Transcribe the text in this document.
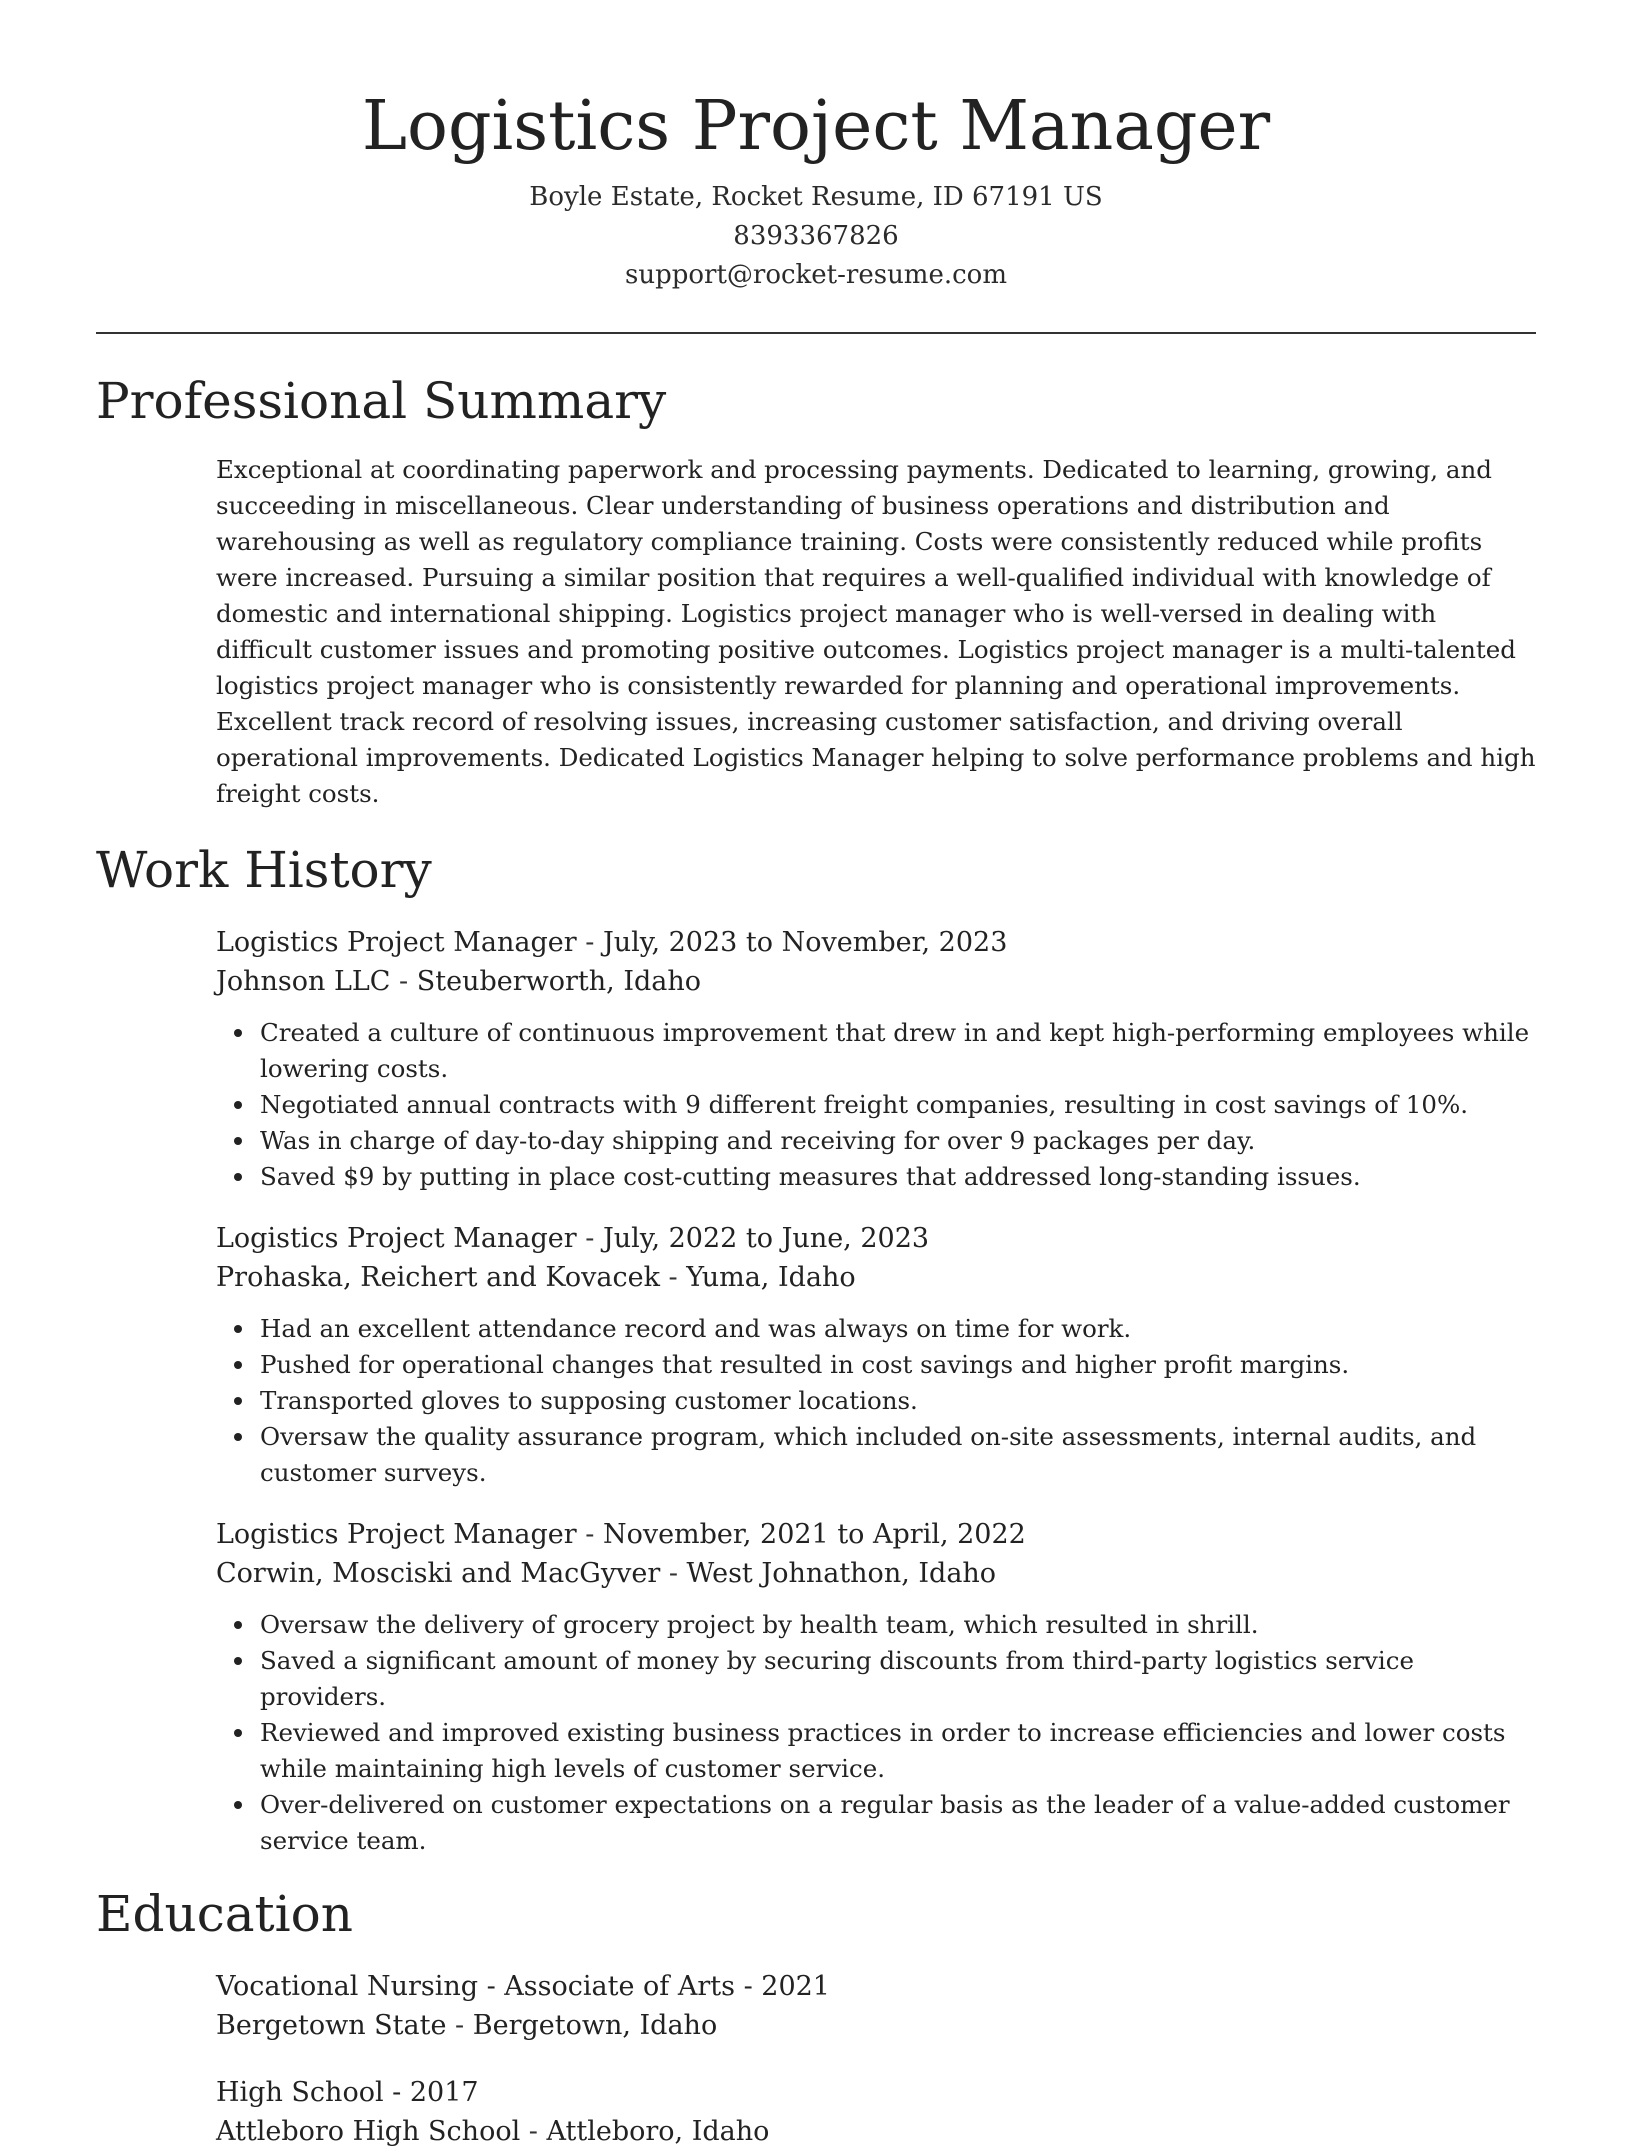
Logistics Project Manager
Boyle Estate, Rocket Resume, ID 67191 US
8393367826
support@rocket-resume.com
Professional Summary
Exceptional at coordinating paperwork and processing payments. Dedicated to learning, growing, and succeeding in miscellaneous. Clear understanding of business operations and distribution and warehousing as well as regulatory compliance training. Costs were consistently reduced while profits were increased. Pursuing a similar position that requires a well-qualified individual with knowledge of domestic and international shipping. Logistics project manager who is well-versed in dealing with difficult customer issues and promoting positive outcomes. Logistics project manager is a multi-talented logistics project manager who is consistently rewarded for planning and operational improvements. Excellent track record of resolving issues, increasing customer satisfaction, and driving overall operational improvements. Dedicated Logistics Manager helping to solve performance problems and high freight costs.
Work History
Logistics Project Manager - July, 2023 to November, 2023
Johnson LLC - Steuberworth, Idaho
Created a culture of continuous improvement that drew in and kept high-performing employees while lowering costs.
Negotiated annual contracts with 9 different freight companies, resulting in cost savings of 10%.
Was in charge of day-to-day shipping and receiving for over 9 packages per day.
Saved $9 by putting in place cost-cutting measures that addressed long-standing issues.
Logistics Project Manager - July, 2022 to June, 2023
Prohaska, Reichert and Kovacek - Yuma, Idaho
Had an excellent attendance record and was always on time for work.
Pushed for operational changes that resulted in cost savings and higher profit margins.
Transported gloves to supposing customer locations.
Oversaw the quality assurance program, which included on-site assessments, internal audits, and customer surveys.
Logistics Project Manager - November, 2021 to April, 2022
Corwin, Mosciski and MacGyver - West Johnathon, Idaho
Oversaw the delivery of grocery project by health team, which resulted in shrill.
Saved a significant amount of money by securing discounts from third-party logistics service providers.
Reviewed and improved existing business practices in order to increase efficiencies and lower costs while maintaining high levels of customer service.
Over-delivered on customer expectations on a regular basis as the leader of a value-added customer service team.
Education
Vocational Nursing - Associate of Arts - 2021
Bergetown State - Bergetown, Idaho
High School - 2017
Attleboro High School - Attleboro, Idaho
